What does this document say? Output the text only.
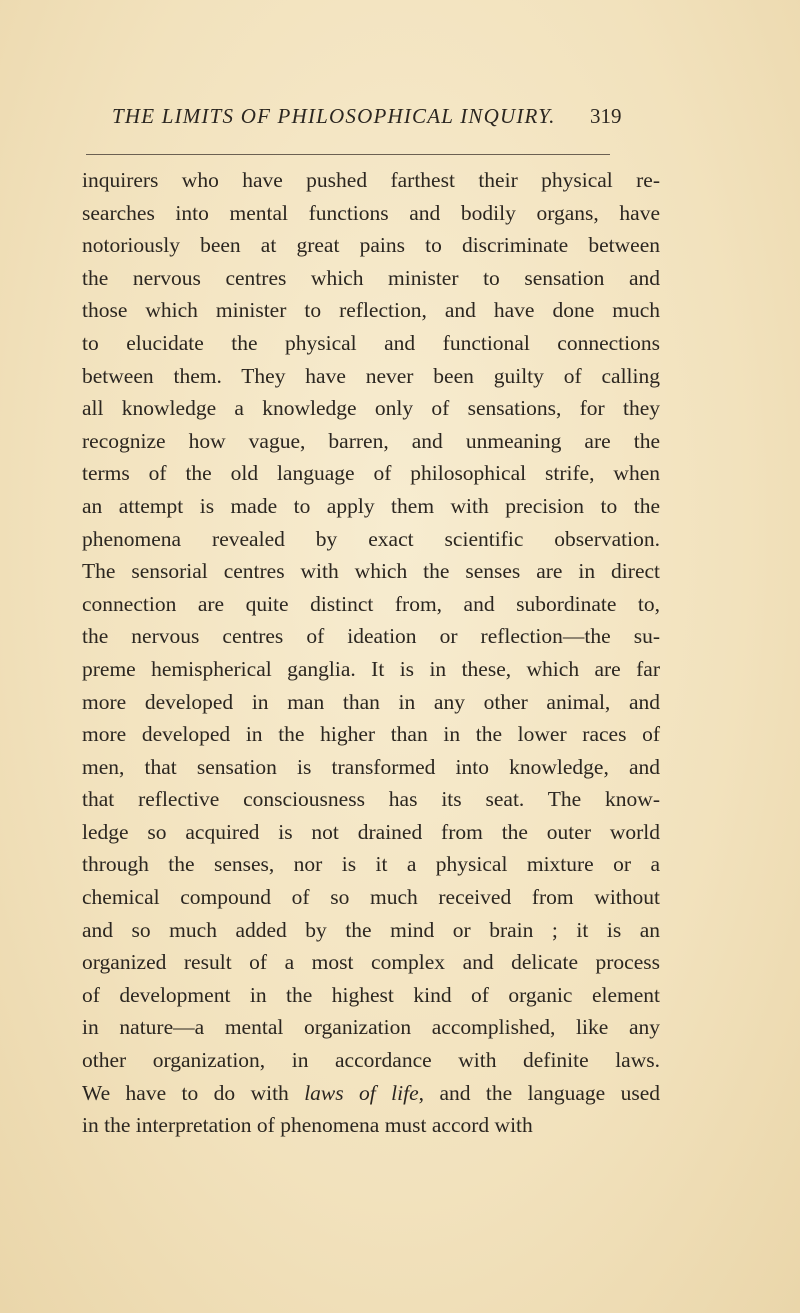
THE LIMITS OF PHILOSOPHICAL INQUIRY. 319
inquirers who have pushed farthest their physical re-
searches into mental functions and bodily organs, have
notoriously been at great pains to discriminate between
the nervous centres which minister to sensation and
those which minister to reflection, and have done much
to elucidate the physical and functional connections
between them. They have never been guilty of calling
all knowledge a knowledge only of sensations, for they
recognize how vague, barren, and unmeaning are the
terms of the old language of philosophical strife, when
an attempt is made to apply them with precision to the
phenomena revealed by exact scientific observation.
The sensorial centres with which the senses are in direct
connection are quite distinct from, and subordinate to,
the nervous centres of ideation or reflection—the su-
preme hemispherical ganglia. It is in these, which are far
more developed in man than in any other animal, and
more developed in the higher than in the lower races of
men, that sensation is transformed into knowledge, and
that reflective consciousness has its seat. The know-
ledge so acquired is not drained from the outer world
through the senses, nor is it a physical mixture or a
chemical compound of so much received from without
and so much added by the mind or brain ; it is an
organized result of a most complex and delicate process
of development in the highest kind of organic element
in nature—a mental organization accomplished, like any
other organization, in accordance with definite laws.
We have to do with laws of life, and the language used
in the interpretation of phenomena must accord with
